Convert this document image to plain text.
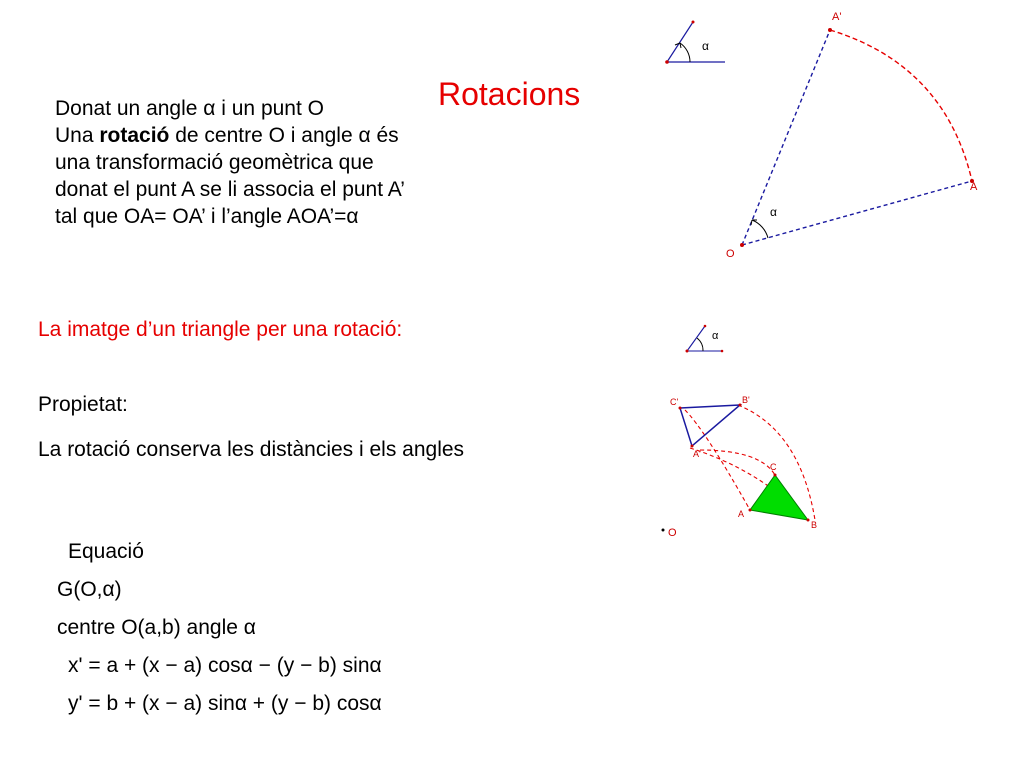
Rotacions
Donat un angle α i un punt O
Una rotació de centre O i angle α és
una transformació geomètrica que
donat el punt A se li associa el punt A’
tal que OA= OA’ i l’angle AOA’=α
La imatge d’un triangle per una rotació:
Propietat:
La rotació conserva les distàncies i els angles
Equació
G(O,α)
centre O(a,b) angle α
x' = a + (x − a) cosα − (y − b) sinα
y' = b + (x − a) sinα + (y − b) cosα
α
α
O
A
A'
α
O
C'	B'
A'
C
A
B
